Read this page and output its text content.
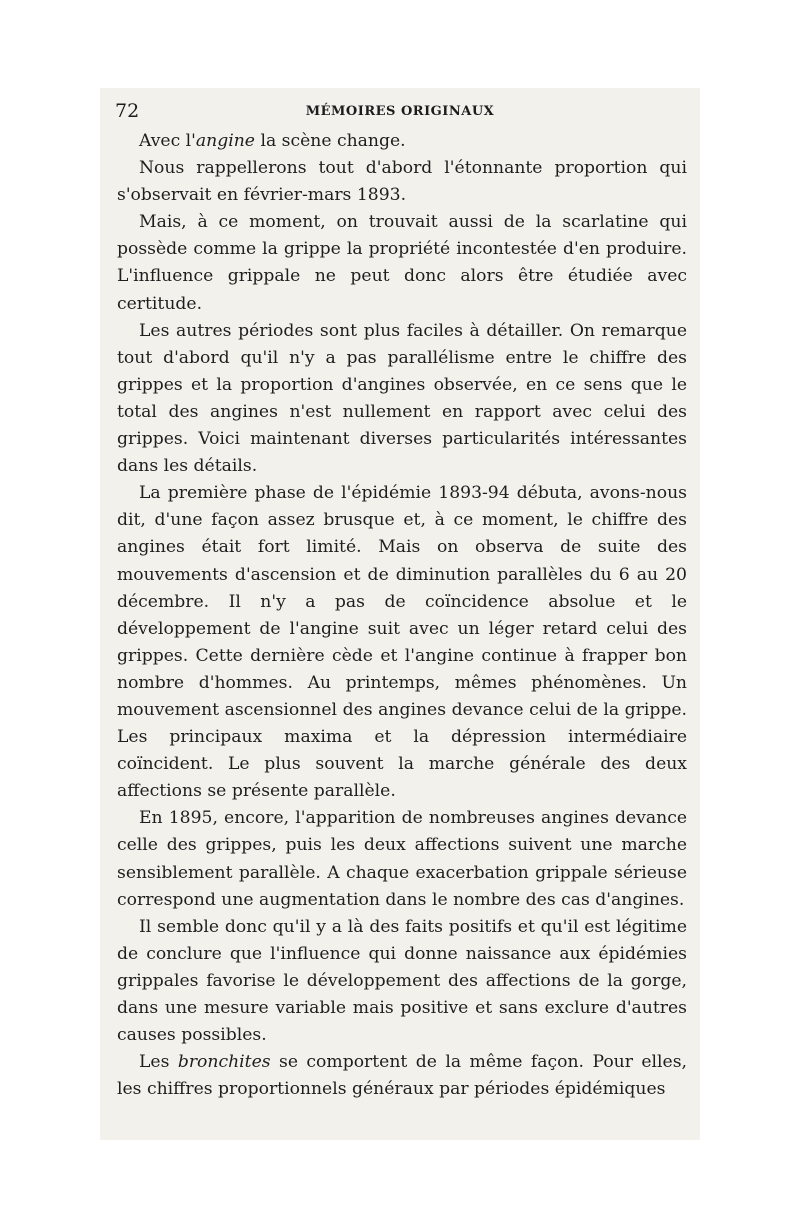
72	MÉMOIRES ORIGINAUX

Avec l'angine la scène change.

Nous rappellerons tout d'abord l'étonnante proportion qui s'observait en février-mars 1893.

Mais, à ce moment, on trouvait aussi de la scarlatine qui possède comme la grippe la propriété incontestée d'en produire. L'influence grippale ne peut donc alors être étudiée avec certitude.

Les autres périodes sont plus faciles à détailler. On remarque tout d'abord qu'il n'y a pas parallélisme entre le chiffre des grippes et la proportion d'angines observée, en ce sens que le total des angines n'est nullement en rapport avec celui des grippes. Voici maintenant diverses particularités intéressantes dans les détails.

La première phase de l'épidémie 1893-94 débuta, avons-nous dit, d'une façon assez brusque et, à ce moment, le chiffre des angines était fort limité. Mais on observa de suite des mouvements d'ascension et de diminution parallèles du 6 au 20 décembre. Il n'y a pas de coïncidence absolue et le développement de l'angine suit avec un léger retard celui des grippes. Cette dernière cède et l'angine continue à frapper bon nombre d'hommes. Au printemps, mêmes phénomènes. Un mouvement ascensionnel des angines devance celui de la grippe. Les principaux maxima et la dépression intermédiaire coïncident. Le plus souvent la marche générale des deux affections se présente parallèle.

En 1895, encore, l'apparition de nombreuses angines devance celle des grippes, puis les deux affections suivent une marche sensiblement parallèle. A chaque exacerbation grippale sérieuse correspond une augmentation dans le nombre des cas d'angines.

Il semble donc qu'il y a là des faits positifs et qu'il est légitime de conclure que l'influence qui donne naissance aux épidémies grippales favorise le développement des affections de la gorge, dans une mesure variable mais positive et sans exclure d'autres causes possibles.

Les bronchites se comportent de la même façon. Pour elles, les chiffres proportionnels généraux par périodes épidémiques
